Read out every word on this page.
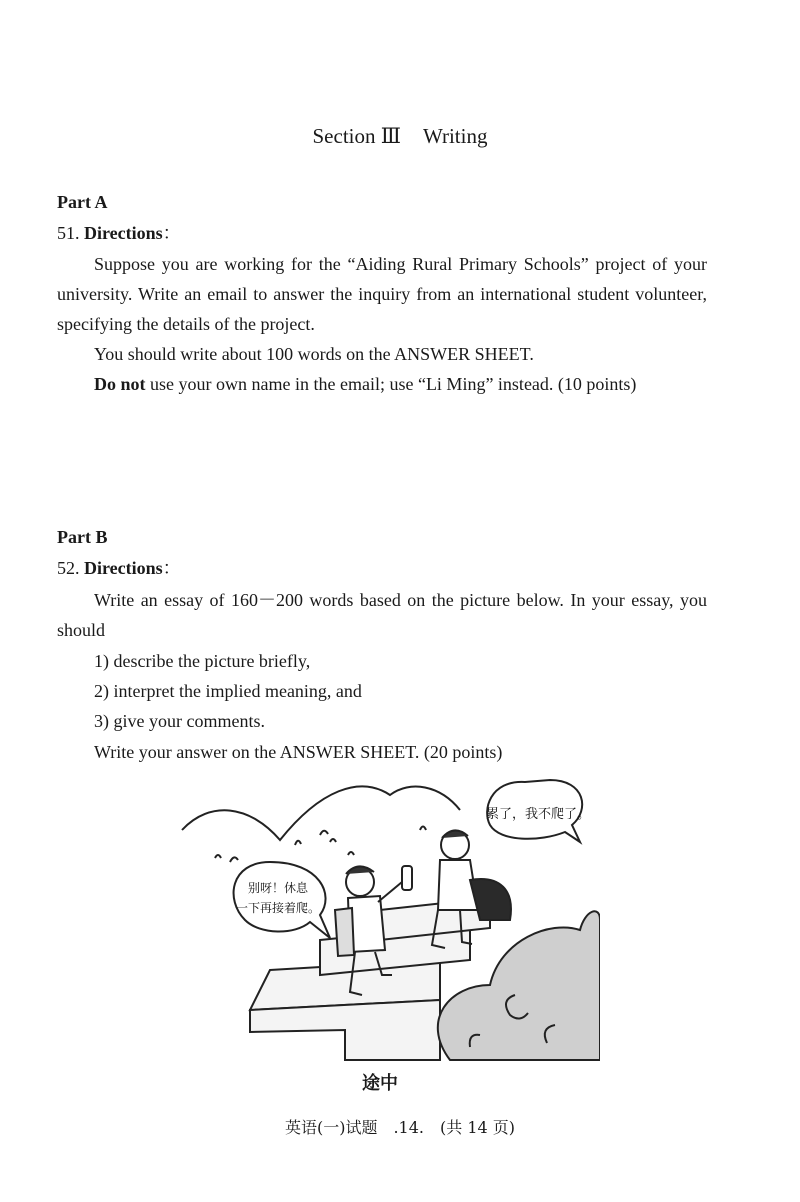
Section Ⅲ Writing
Part A
51. Directions：
Suppose you are working for the “Aiding Rural Primary Schools” project of your university. Write an email to answer the inquiry from an international student volunteer, specifying the details of the project.
You should write about 100 words on the ANSWER SHEET.
Do not use your own name in the email; use “Li Ming” instead. (10 points)
Part B
52. Directions：
Write an essay of 160－200 words based on the picture below. In your essay, you should
1) describe the picture briefly,
2) interpret the implied meaning, and
3) give your comments.
Write your answer on the ANSWER SHEET. (20 points)
累了，我不爬了。
别呀！休息
一下再接着爬。
途中
英语(一)试题　.14.　(共 14 页)
